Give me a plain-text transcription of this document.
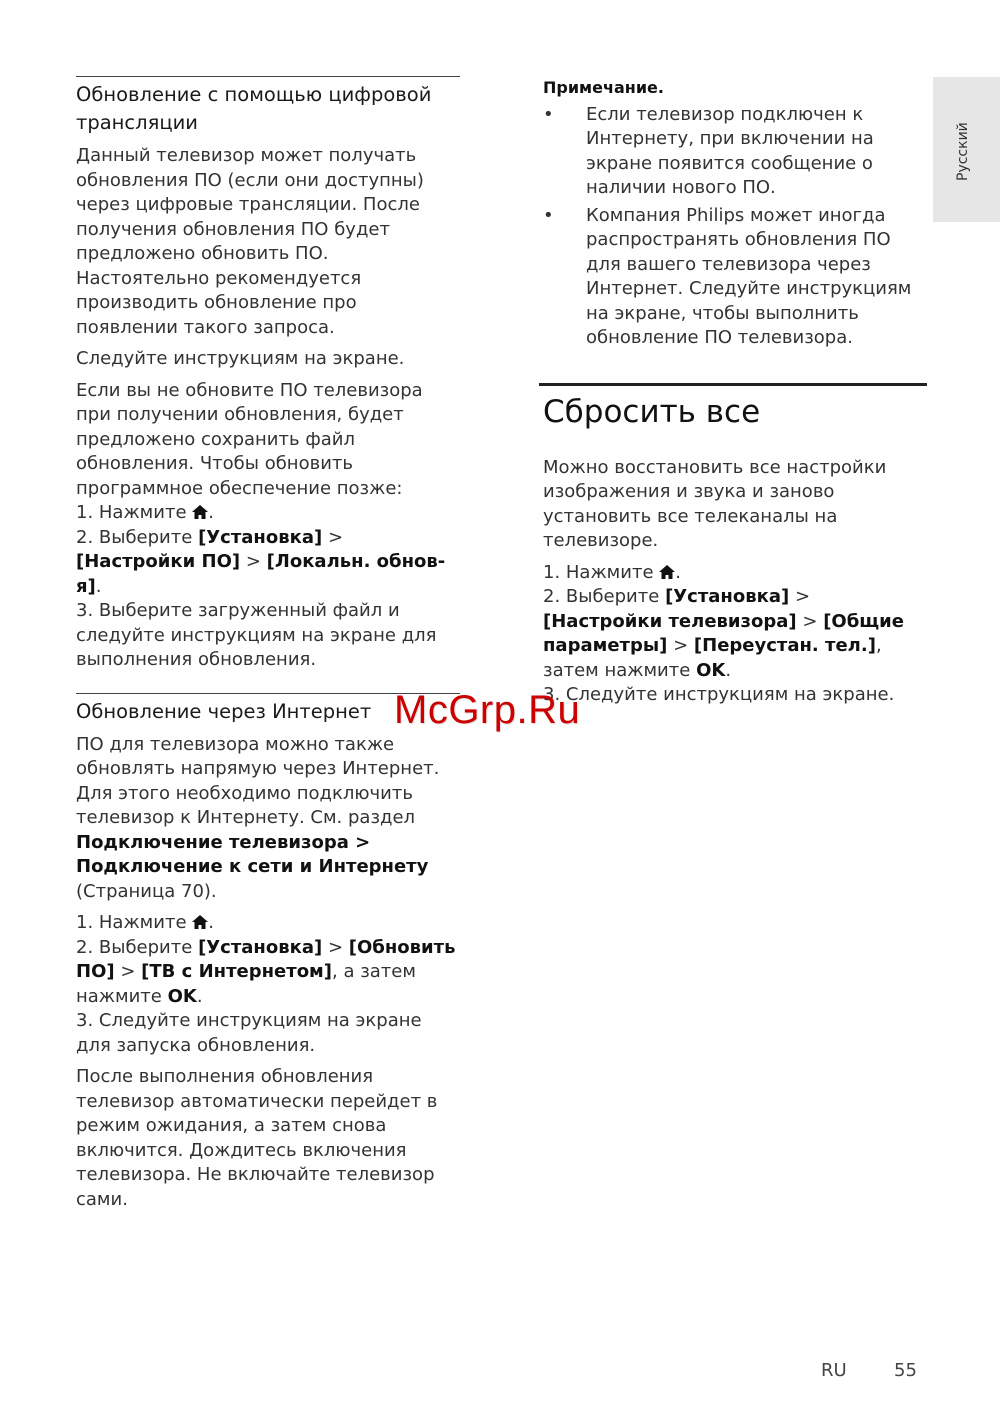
Русский
Обновление с помощью цифровой трансляции

Данный телевизор может получать обновления ПО (если они доступны) через цифровые трансляции. После получения обновления ПО будет предложено обновить ПО. Настоятельно рекомендуется производить обновление про появлении такого запроса.

Следуйте инструкциям на экране.

Если вы не обновите ПО телевизора при получении обновления, будет предложено сохранить файл обновления. Чтобы обновить программное обеспечение позже:

1. Нажмите .

2. Выберите [Установка] > [Настройки ПО] > [Локальн. обнов-я].

3. Выберите загруженный файл и следуйте инструкциям на экране для выполнения обновления.

Обновление через Интернет

ПО для телевизора можно также обновлять напрямую через Интернет. Для этого необходимо подключить телевизор к Интернету. См. раздел Подключение телевизора > Подключение к сети и Интернету (Страница 70).

1. Нажмите .

2. Выберите [Установка] > [Обновить ПО] > [ТВ с Интернетом], а затем нажмите OK.

3. Следуйте инструкциям на экране для запуска обновления.

После выполнения обновления телевизор автоматически перейдет в режим ожидания, а затем снова включится. Дождитесь включения телевизора. Не включайте телевизор сами.

Примечание.
• Если телевизор подключен к Интернету, при включении на экране появится сообщение о наличии нового ПО.
• Компания Philips может иногда распространять обновления ПО для вашего телевизора через Интернет. Следуйте инструкциям на экране, чтобы выполнить обновление ПО телевизора.
Сбросить все

Можно восстановить все настройки изображения и звука и заново установить все телеканалы на телевизоре.

1. Нажмите .

2. Выберите [Установка] > [Настройки телевизора] > [Общие параметры] > [Переустан. тел.], затем нажмите OK.

3. Следуйте инструкциям на экране.

McGrp.Ru
RU	55
